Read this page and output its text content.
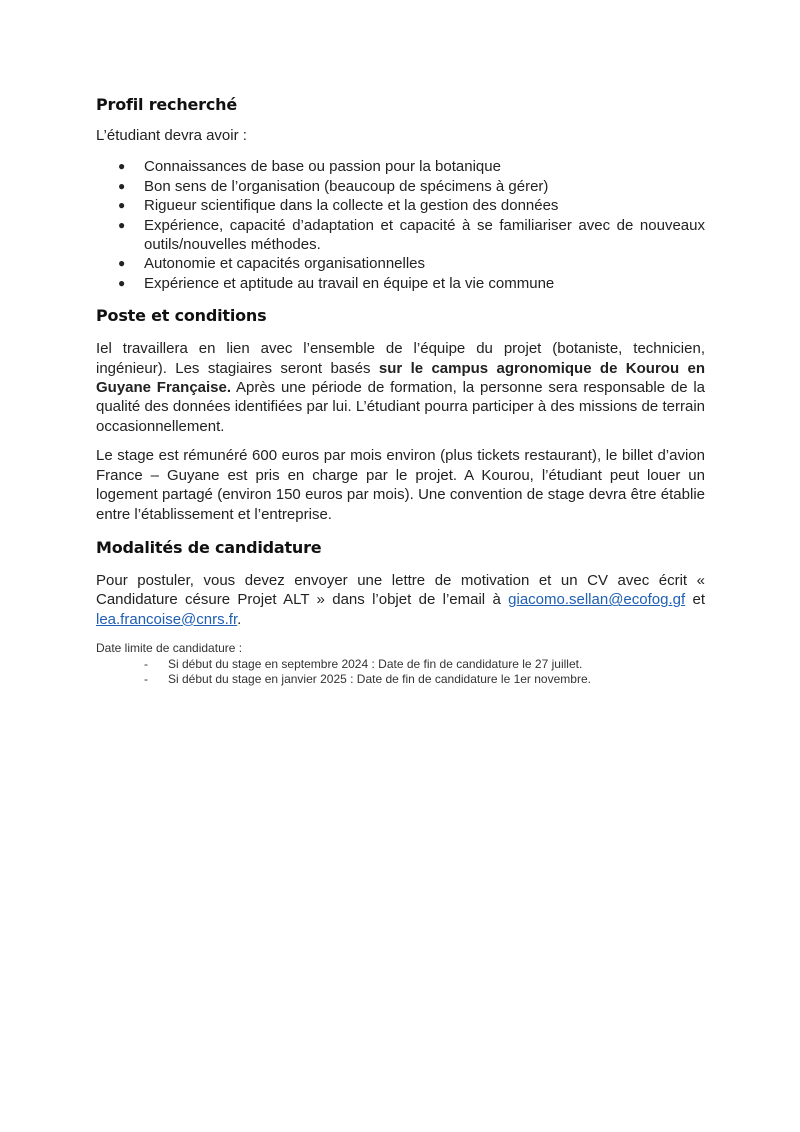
Profil recherché

L’étudiant devra avoir :

● Connaissances de base ou passion pour la botanique
● Bon sens de l’organisation (beaucoup de spécimens à gérer)
● Rigueur scientifique dans la collecte et la gestion des données
● Expérience, capacité d’adaptation et capacité à se familiariser avec de nouveaux outils/nouvelles méthodes.
● Autonomie et capacités organisationnelles
● Expérience et aptitude au travail en équipe et la vie commune
Poste et conditions

Iel travaillera en lien avec l’ensemble de l’équipe du projet (botaniste, technicien, ingénieur). Les stagiaires seront basés sur le campus agronomique de Kourou en Guyane Française. Après une période de formation, la personne sera responsable de la qualité des données identifiées par lui. L’étudiant pourra participer à des missions de terrain occasionnellement.

Le stage est rémunéré 600 euros par mois environ (plus tickets restaurant), le billet d’avion France – Guyane est pris en charge par le projet. A Kourou, l’étudiant peut louer un logement partagé (environ 150 euros par mois). Une convention de stage devra être établie entre l’établissement et l’entreprise.

Modalités de candidature

Pour postuler, vous devez envoyer une lettre de motivation et un CV avec écrit « Candidature césure Projet ALT » dans l’objet de l’email à giacomo.sellan@ecofog.gf et lea.francoise@cnrs.fr.

Date limite de candidature :
- Si début du stage en septembre 2024 : Date de fin de candidature le 27 juillet.
- Si début du stage en janvier 2025 : Date de fin de candidature le 1er novembre.
